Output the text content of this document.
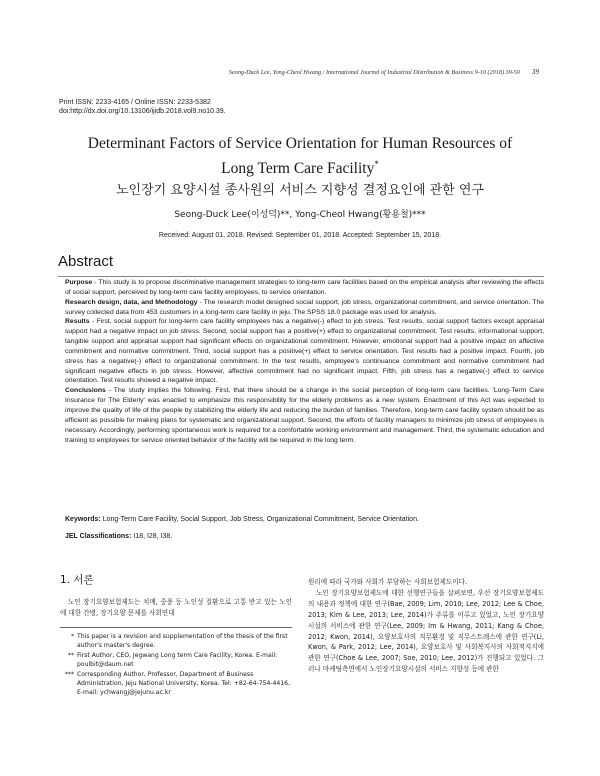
Seong-Duck Lee, Yong-Cheol Hwang / International Journal of Industrial Distribution & Business 9-10 (2018) 39-50 39
Print ISSN: 2233-4165 / Online ISSN: 2233-5382
doi:http://dx.doi.org/10.13106/ijidb.2018.vol9.no10.39.
Determinant Factors of Service Orientation for Human Resources of
Long Term Care Facility*
노인장기 요양시설 종사원의 서비스 지향성 결정요인에 관한 연구
Seong-Duck Lee(이성덕)**, Yong-Cheol Hwang(황용철)***
Received: August 01, 2018. Revised: September 01, 2018. Accepted: September 15, 2018.
Abstract

Purpose - This study is to propose discriminative management strategies to long-term care facilities based on the empirical analysis after reviewing the effects of social support, perceived by long-term care facility employees, to service orientation.

Research design, data, and Methodology - The research model designed social support, job stress, organizational commitment, and service orientation. The survey collected data from 453 customers in a long-term care facility in jeju. The SPSS 18.0 package was used for analysis.

Results - First, social support for long-term care facility employees has a negative(-) effect to job stress. Test results, social support factors except appraisal support had a negative impact on job stress. Second, social support has a positive(+) effect to organizational commitment. Test results, informational support, tangible support and appraisal support had significant effects on organizational commitment. However, emotional support had a positive impact on affective commitment and normative commitment. Third, social support has a positive(+) effect to service orientation. Test results had a positive impact. Fourth, job stress has a negative(-) effect to organizational commitment. In the test results, employee's continuance commitment and normative commitment had significant negative effects in job stress. However, affective commitment had no significant impact. Fifth, job stress has a negative(-) effect to service orientation. Test results showed a negative impact.

Conclusions - The study implies the following. First, that there should be a change in the social perception of long-term care facilities. 'Long-Term Care Insurance for The Elderly' was enacted to emphasize this responsibility for the elderly problems as a new system. Enactment of this Act was expected to improve the quality of life of the people by stabilizing the elderly life and reducing the burden of families. Therefore, long-term care facility system should be as efficient as possible for making plans for systematic and organizational support. Second, the efforts of facility managers to minimize job stress of employees is necessary. Accordingly, performing spontaneous work is required for a comfortable working environment and management. Third, the systematic education and training to employees for service oriented behavior of the facility will be required in the long term.

Keywords: Long-Term Care Facility, Social Support, Job Stress, Organizational Commitment, Service Orientation.
JEL Classifications: I18, I28, I38.
1. 서론
노인 장기요양보험제도는 치매, 중풍 등 노인성 질환으로 고통 받고 있는 노인에 대한 간병, 장기요양 문제를 사회연대
* This paper is a revision and supplementation of the thesis of the first author's master's degree.
** First Author, CEO, Jegwang Long term Care Facility, Korea. E-mail: poulbit@daum.net
*** Corresponding Author, Professor, Department of Business Administration, Jeju National University, Korea. Tel: +82-64-754-4416, E-mail: ychwangj@jejunu.ac.kr

원리에 따라 국가와 사회가 부담하는 사회보험제도이다.

노인 장기요양보험제도에 대한 선행연구들을 살펴보면, 우선 장기요양보험제도의 내용과 정책에 대한 연구(Bae, 2009; Lim, 2010; Lee, 2012; Lee & Choe, 2013; Kim & Lee, 2013; Lee, 2014)가 주류를 이루고 있었고, 노인 장기요양시설의 서비스에 관한 연구(Lee, 2009; Im & Hwang, 2011; Kang & Choe, 2012; Kwon, 2014), 요양보호사의 직무환경 및 직무스트레스에 관한 연구(Li, Kwon, & Park, 2012; Lee, 2014), 요양보호사 및 사회복지사의 사회적지지에 관한 연구(Choe & Lee, 2007; Soe, 2010; Lee, 2012)가 진행되고 있었다. 그러나 마케팅측면에서 노인장기요양시설의 서비스 지향성 등에 관한
